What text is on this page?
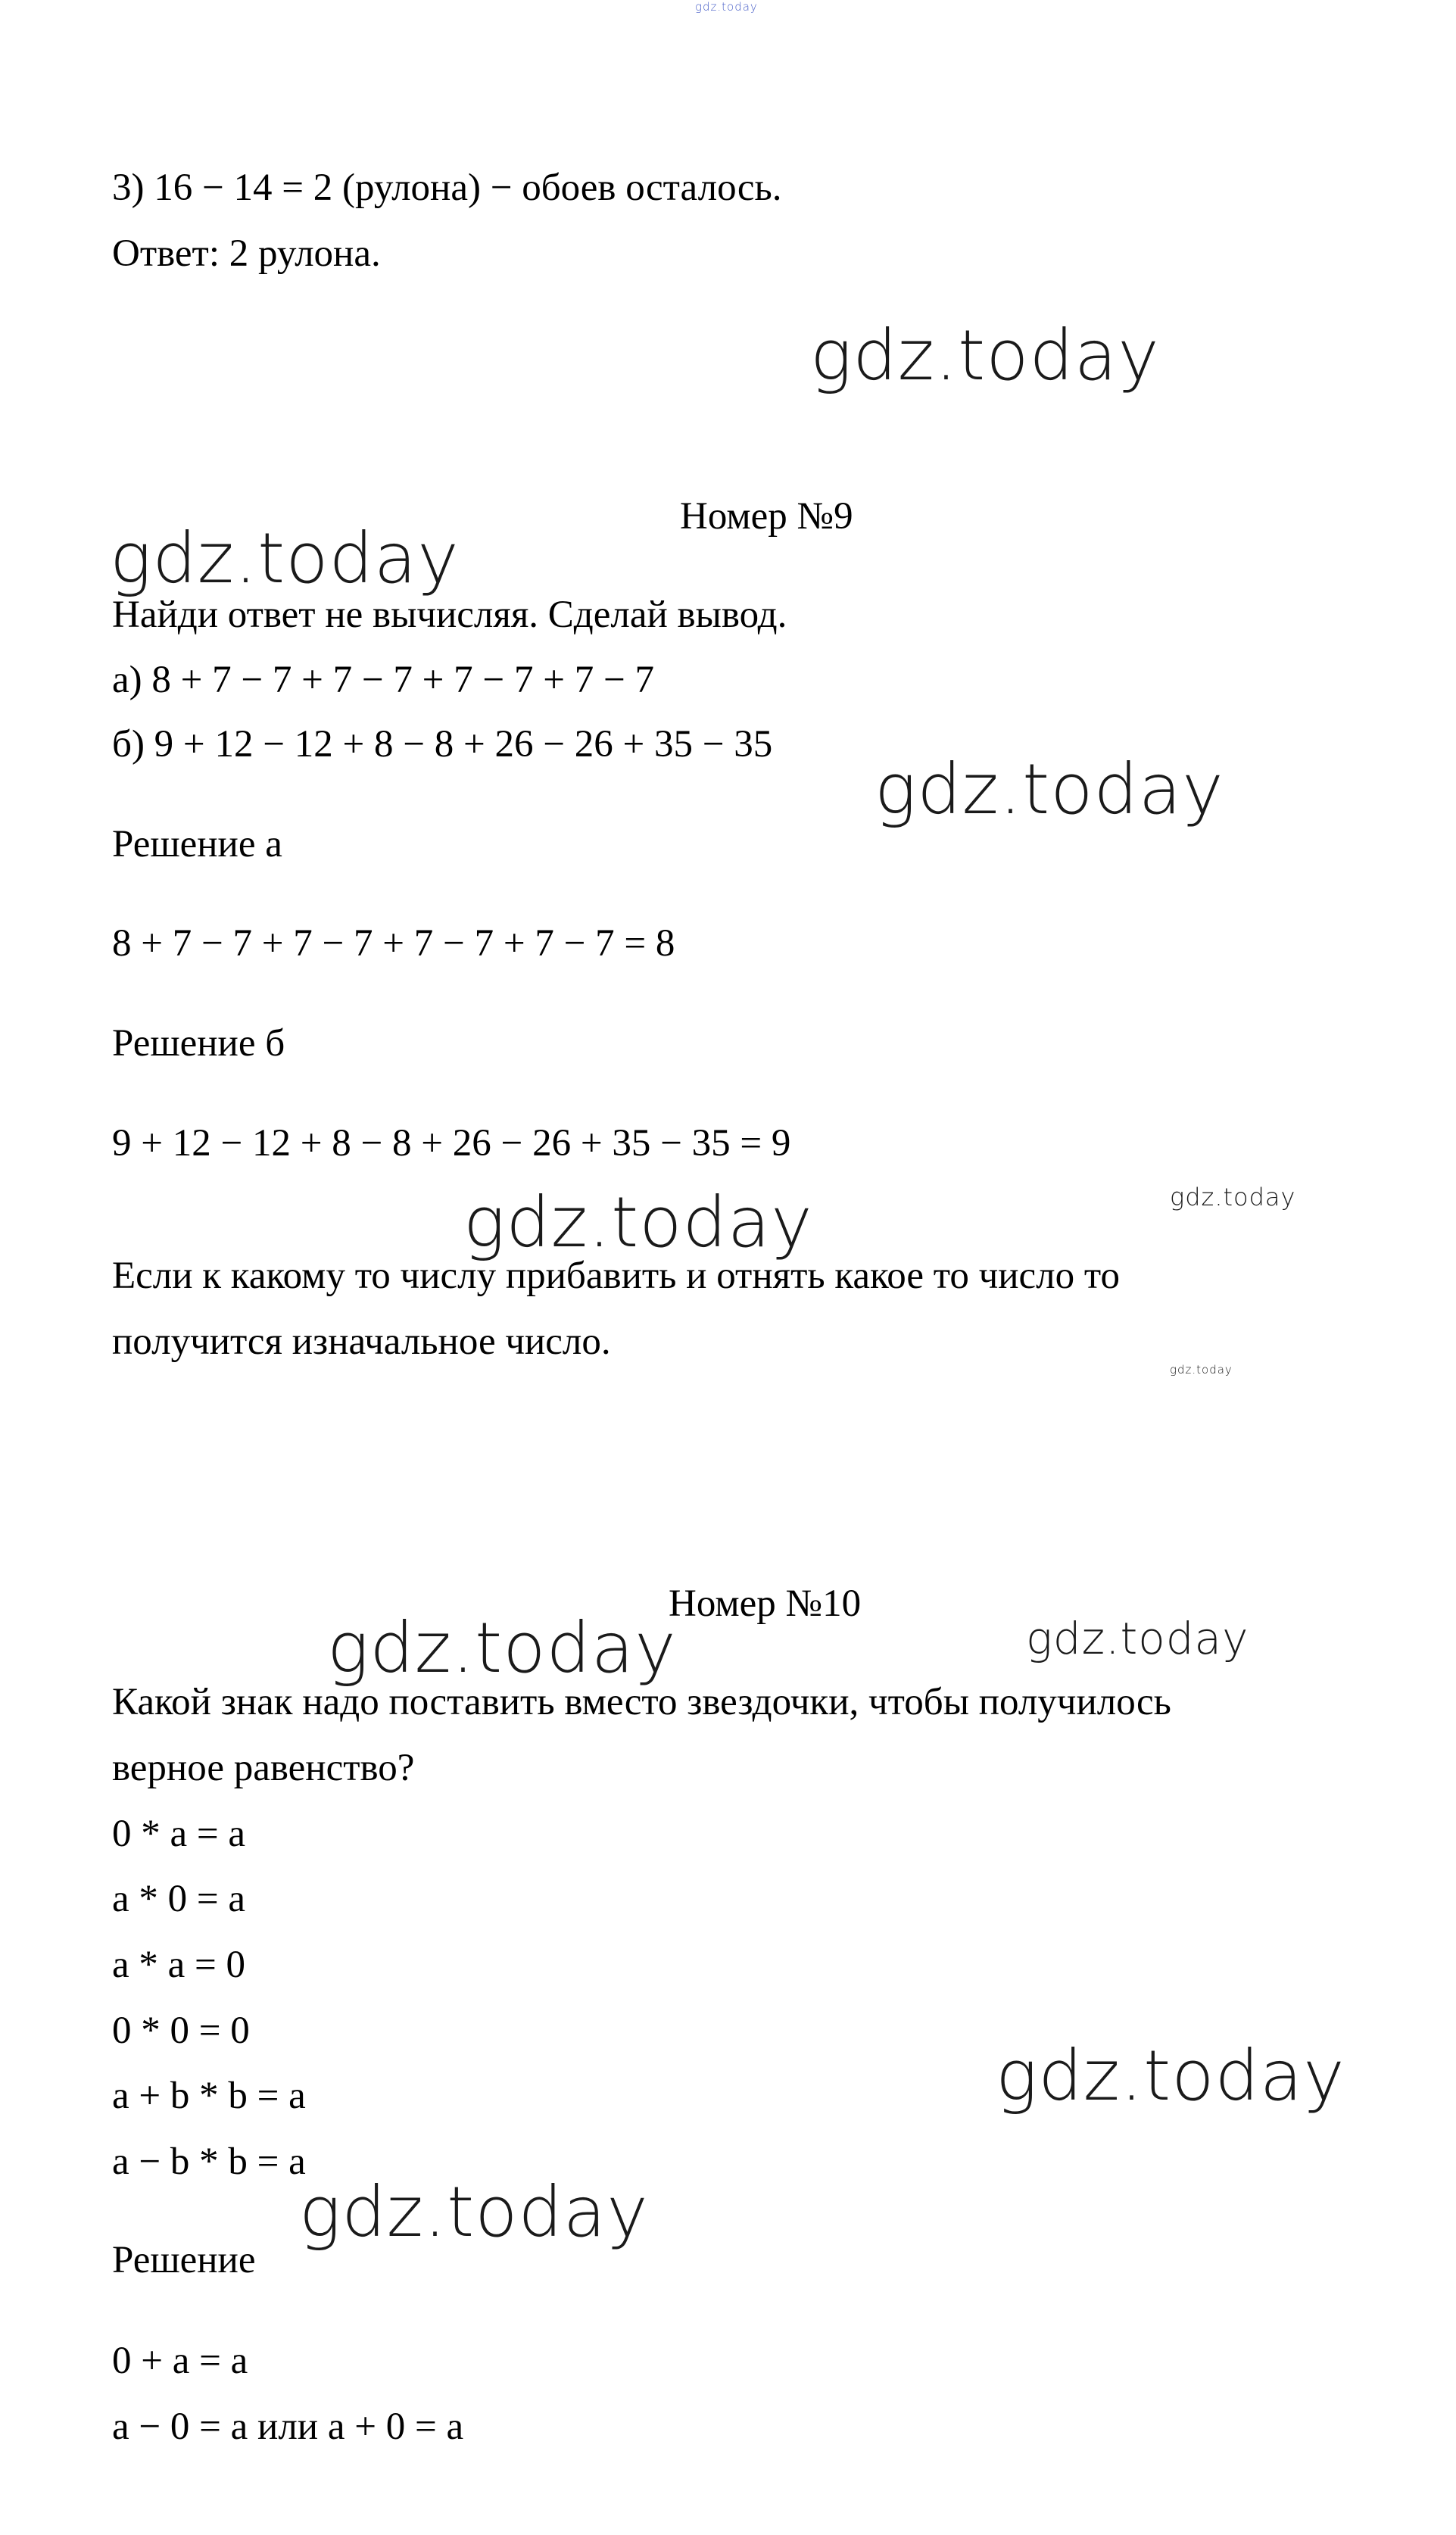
gdz.today
gdz.today
gdz.today
gdz.today
gdz.today	gdz.today
gdz.today
gdz.today	gdz.today
gdz.today
gdz.today
3) 16 − 14 = 2 (рулона) − обоев осталось.
Ответ: 2 рулона.
Номер №9
Найди ответ не вычисляя. Сделай вывод.
а) 8 + 7 − 7 + 7 − 7 + 7 − 7 + 7 − 7
б) 9 + 12 − 12 + 8 − 8 + 26 − 26 + 35 − 35
Решение а
8 + 7 − 7 + 7 − 7 + 7 − 7 + 7 − 7 = 8
Решение б
9 + 12 − 12 + 8 − 8 + 26 − 26 + 35 − 35 = 9
Если к какому то числу прибавить и отнять какое то число то
получится изначальное число.
Номер №10
Какой знак надо поставить вместо звездочки, чтобы получилось
верное равенство?
0 * a = a
a * 0 = a
a * a = 0
0 * 0 = 0
a + b * b = a
a − b * b = a
Решение
0 + a = a
a − 0 = a или a + 0 = a
